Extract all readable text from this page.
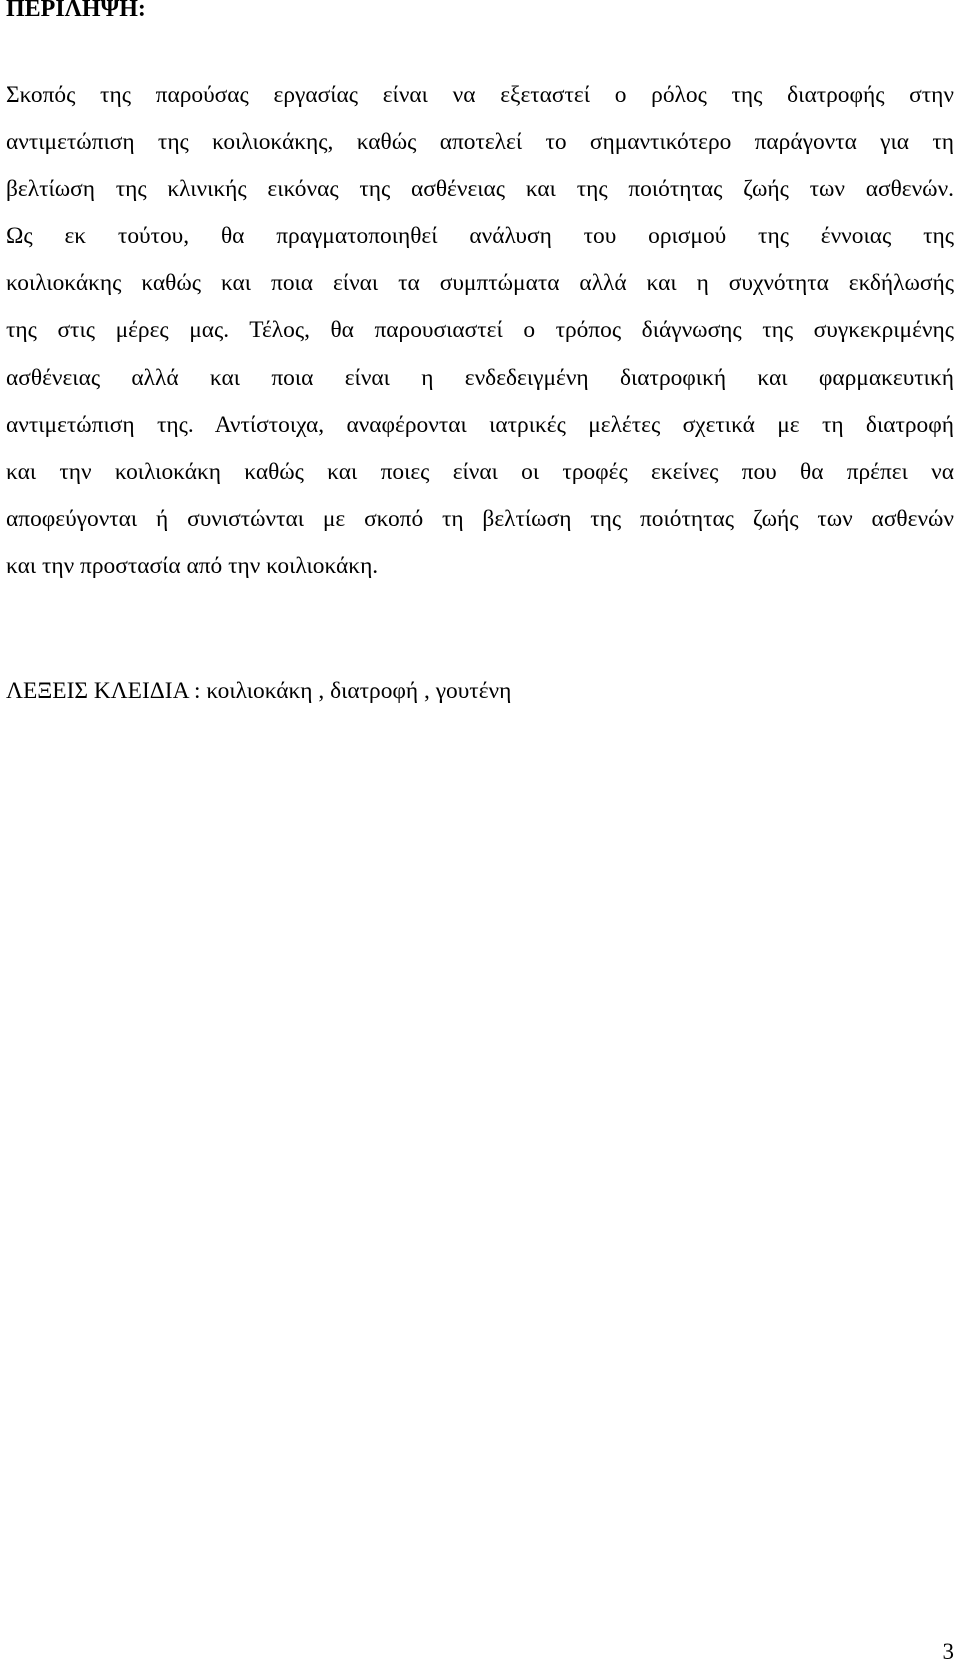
ΠΕΡΙΛΗΨΗ:
Σκοπός της παρούσας εργασίας είναι να εξεταστεί ο ρόλος της διατροφής στην
αντιμετώπιση της κοιλιοκάκης, καθώς αποτελεί το σημαντικότερο παράγοντα για τη
βελτίωση της κλινικής εικόνας της ασθένειας και της ποιότητας ζωής των ασθενών.
Ως εκ τούτου, θα πραγματοποιηθεί ανάλυση του ορισμού της έννοιας της
κοιλιοκάκης καθώς και ποια είναι τα συμπτώματα αλλά και η συχνότητα εκδήλωσής
της στις μέρες μας. Τέλος, θα παρουσιαστεί ο τρόπος διάγνωσης της συγκεκριμένης
ασθένειας αλλά και ποια είναι η ενδεδειγμένη διατροφική και φαρμακευτική
αντιμετώπιση της. Αντίστοιχα, αναφέρονται ιατρικές μελέτες σχετικά με τη διατροφή
και την κοιλιοκάκη καθώς και ποιες είναι οι τροφές εκείνες που θα πρέπει να
αποφεύγονται ή συνιστώνται με σκοπό τη βελτίωση της ποιότητας ζωής των ασθενών
και την προστασία από την κοιλιοκάκη.
ΛΕΞΕΙΣ ΚΛΕΙΔΙΑ : κοιλιοκάκη , διατροφή , γουτένη
3
